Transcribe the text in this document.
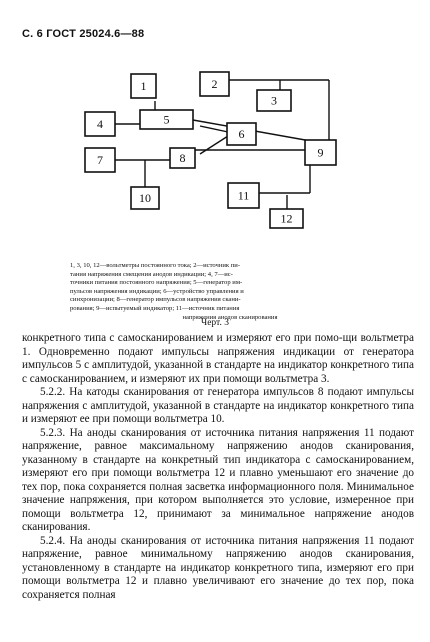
С. 6 ГОСТ 25024.6—88
1	2
3
4	5
6
7	8	9
10	11
12
1, 3, 10, 12—вольтметры постоянного тока; 2—источник пи-
тания напряжения смещения анодов индикации; 4, 7—ис-
точники питания постоянного напряжения; 5—генератор им-
пульсов напряжения индикации; 6—устройство управления и
синхронизации; 8—генератор импульсов напряжения скани-
рования; 9—испытуемый индикатор; 11—источник питания
напряжения анодов сканирования
Черт. 3

конкретного типа с самосканированием и измеряют его при помо-щи вольтметра 1. Одновременно подают импульсы напряжения индикации от генератора импульсов 5 с амплитудой, указанной в стандарте на индикатор конкретного типа с самосканированием, и измеряют их при помощи вольтметра 3.

5.2.2. На катоды сканирования от генератора импульсов 8 подают импульсы напряжения с амплитудой, указанной в стандарте на индикатор конкретного типа и измеряют ее при помощи вольтметра 10.

5.2.3. На аноды сканирования от источника питания напряжения 11 подают напряжение, равное максимальному напряжению анодов сканирования, указанному в стандарте на конкретный тип индикатора с самосканированием, измеряют его при помощи вольтметра 12 и плавно уменьшают его значение до тех пор, пока сохраняется полная засветка информационного поля. Минимальное значение напряжения, при котором выполняется это условие, измеренное при помощи вольтметра 12, принимают за минимальное напряжение анодов сканирования.

5.2.4. На аноды сканирования от источника питания напряжения 11 подают напряжение, равное минимальному напряжению анодов сканирования, установленному в стандарте на индикатор конкретного типа, измеряют его при помощи вольтметра 12 и плавно увеличивают его значение до тех пор, пока сохраняется полная
